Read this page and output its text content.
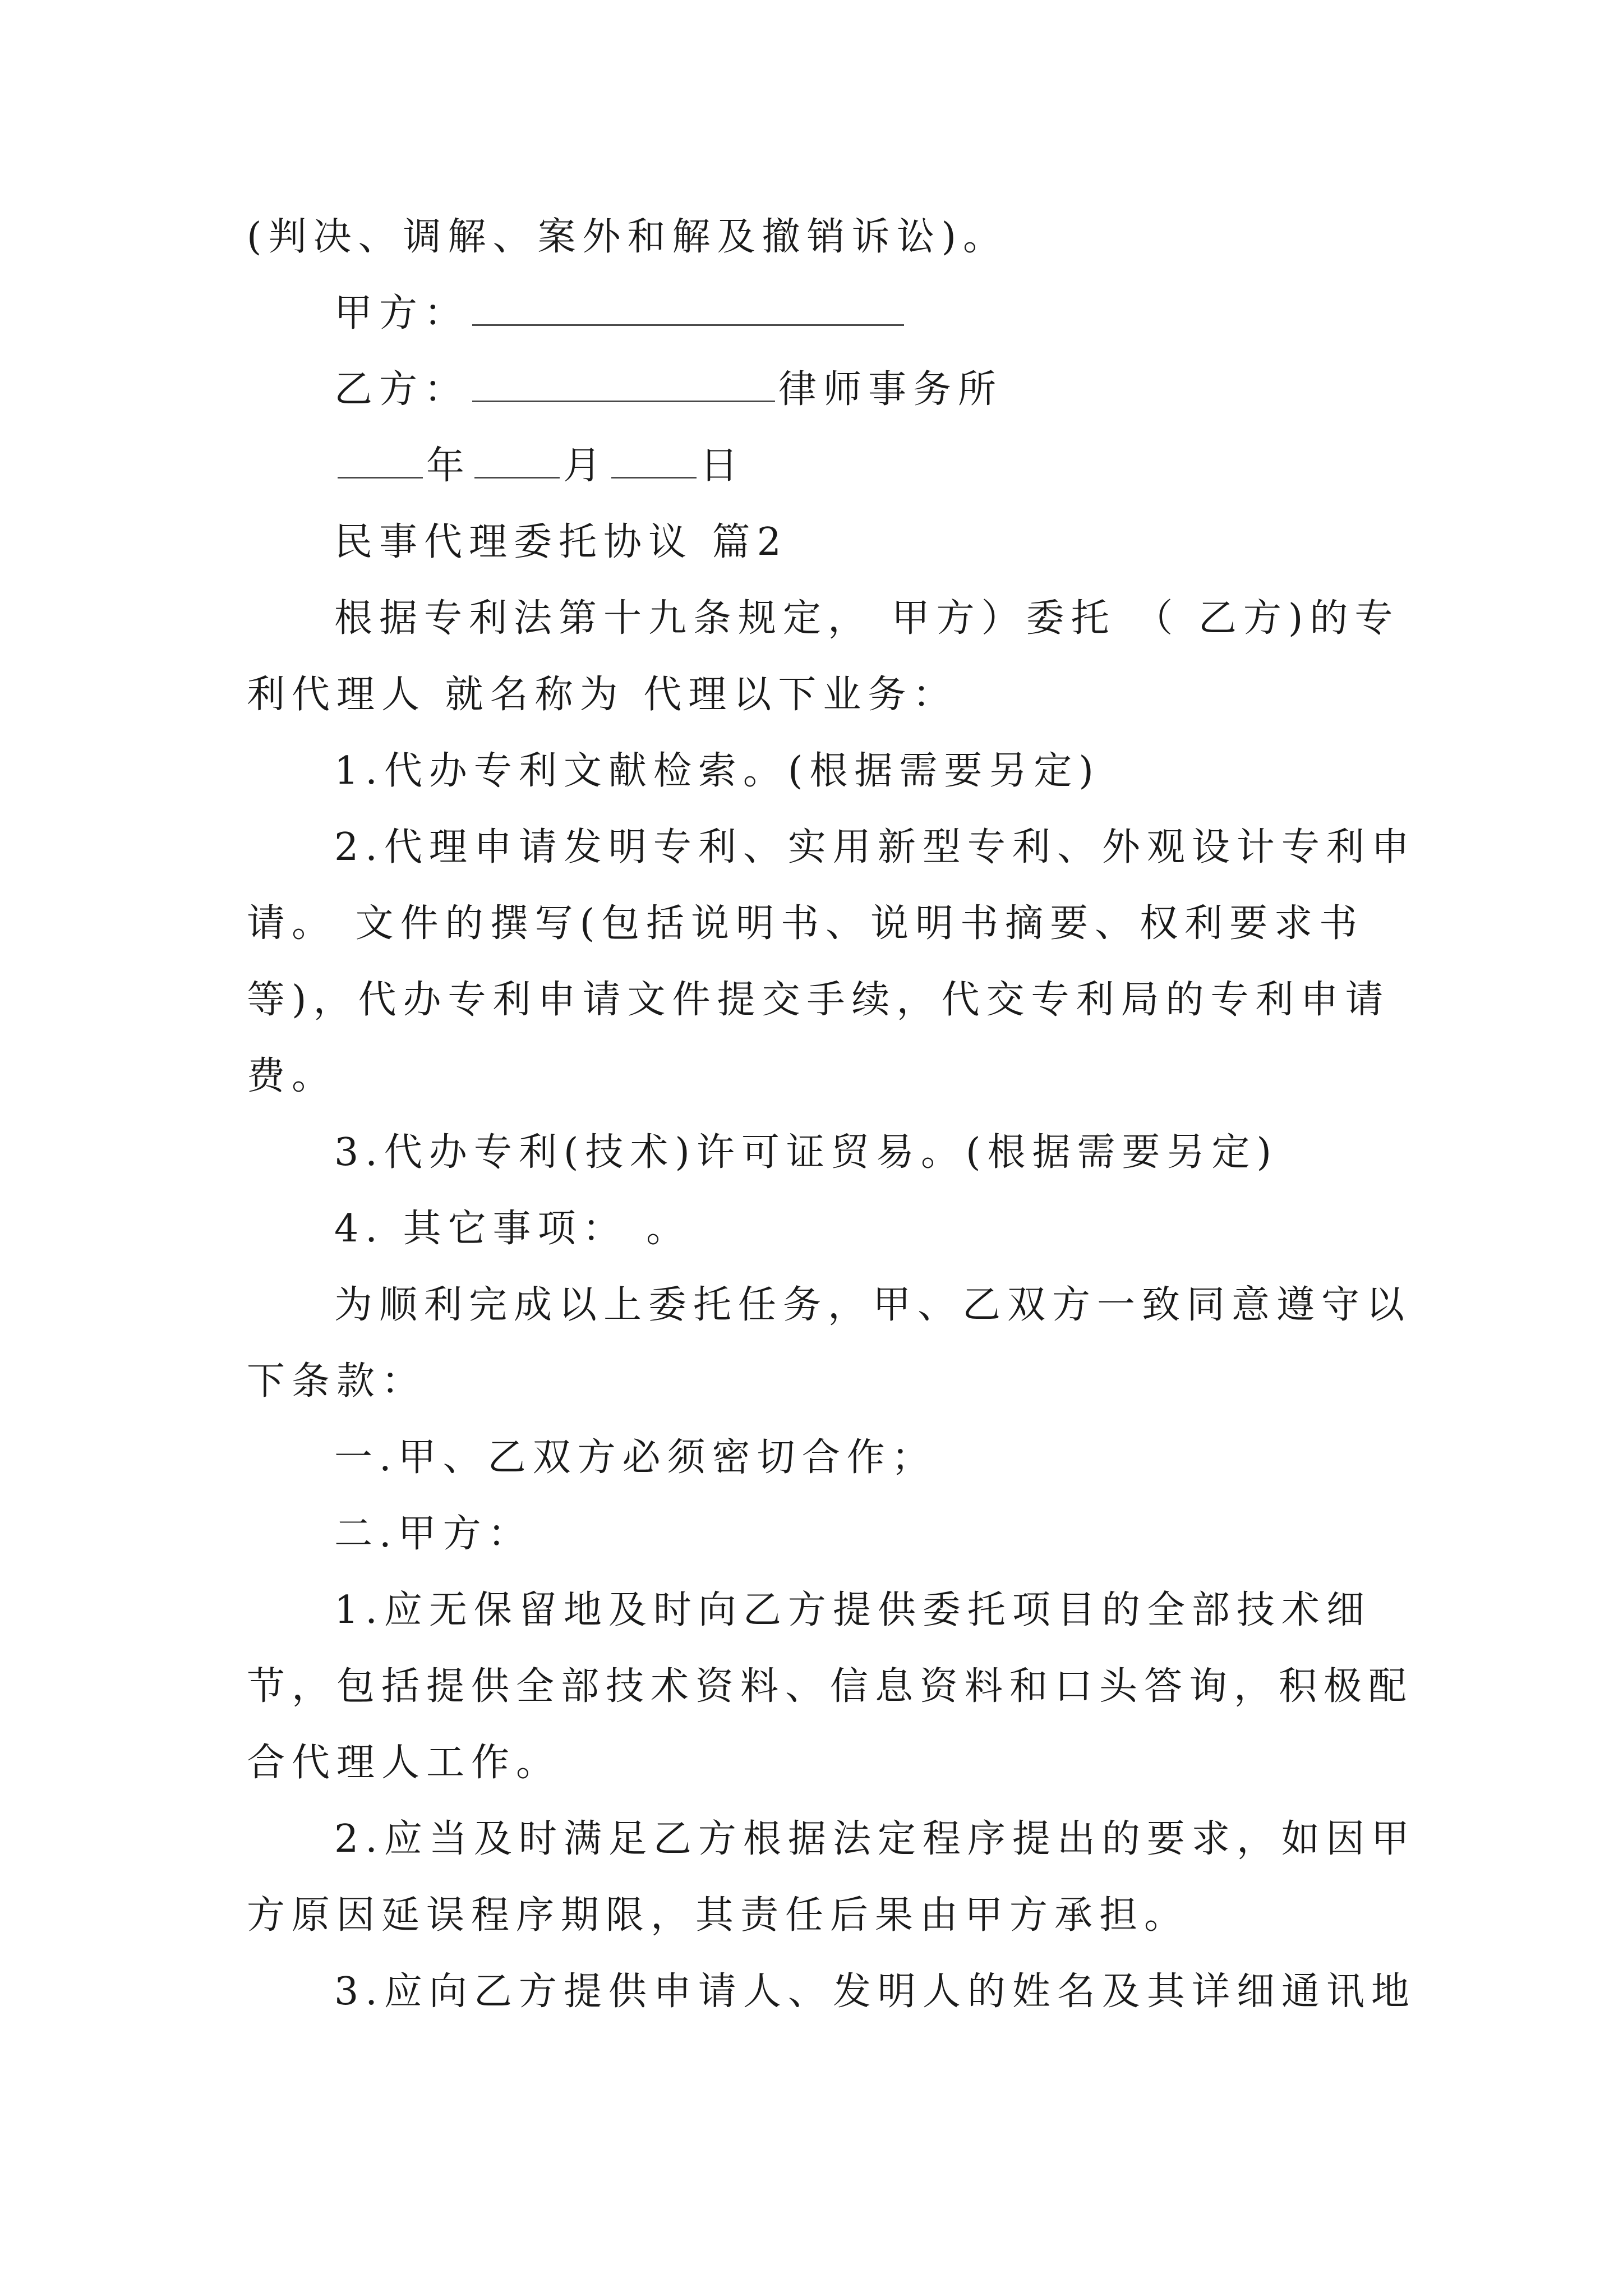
(判决、调解、案外和解及撤销诉讼)。
甲方：
乙方：	律师事务所
年 月 日
民事代理委托协议 篇2
根据专利法第十九条规定， 甲方）委托 （ 乙方)的专
利代理人 就名称为 代理以下业务：
1.代办专利文献检索。(根据需要另定)
2.代理申请发明专利、实用新型专利、外观设计专利申
请。 文件的撰写(包括说明书、说明书摘要、权利要求书
等)，代办专利申请文件提交手续，代交专利局的专利申请
费。
3.代办专利(技术)许可证贸易。(根据需要另定)
4. 其它事项： 。
为顺利完成以上委托任务，甲、乙双方一致同意遵守以
下条款：
一.甲、乙双方必须密切合作；
二.甲方：
1.应无保留地及时向乙方提供委托项目的全部技术细
节，包括提供全部技术资料、信息资料和口头答询，积极配
合代理人工作。
2.应当及时满足乙方根据法定程序提出的要求，如因甲
方原因延误程序期限，其责任后果由甲方承担。
3.应向乙方提供申请人、发明人的姓名及其详细通讯地
